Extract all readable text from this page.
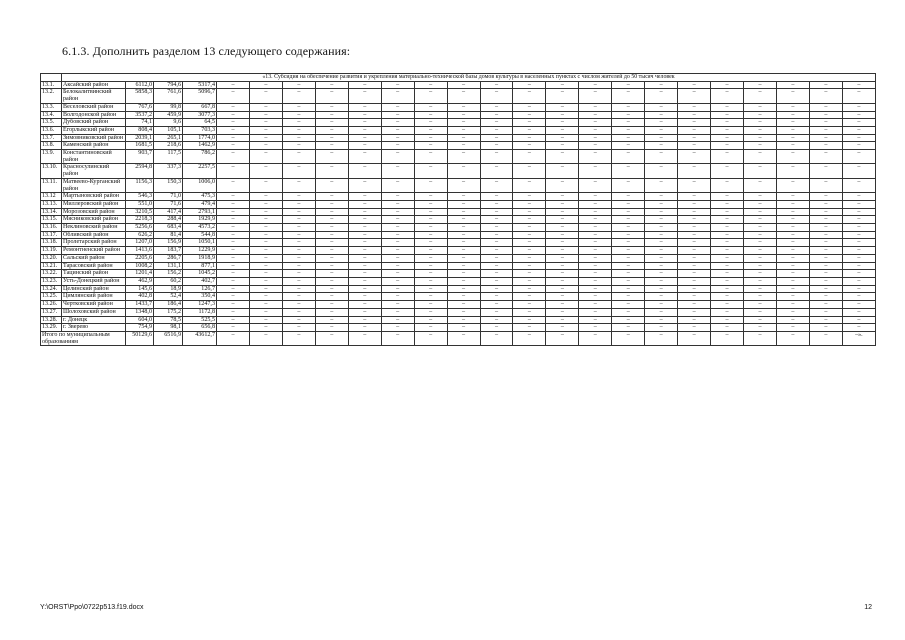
6.1.3. Дополнить разделом 13 следующего содержания:
	«13. Субсидия на обеспечение развития и укрепления материально-технической базы домов культуры в населенных пунктах с числом жителей до 50 тысяч человек																							
13.1.	Аксайский район	6112,0	794,6	5317,4	–	–	–	–	–	–	–	–	–	–	–	–	–	–	–	–	–	–	–	–
13.2.	Белокалитвинский район	5858,3	761,6	5096,7	–	–	–	–	–	–	–	–	–	–	–	–	–	–	–	–	–	–	–	–
13.3.	Веселовский район	767,6	99,8	667,8	–	–	–	–	–	–	–	–	–	–	–	–	–	–	–	–	–	–	–	–
13.4.	Волгодонской район	3537,2	459,9	3077,3	–	–	–	–	–	–	–	–	–	–	–	–	–	–	–	–	–	–	–	–
13.5.	Дубовский район	74,1	9,6	64,5	–	–	–	–	–	–	–	–	–	–	–	–	–	–	–	–	–	–	–	–
13.6.	Егорлыкский район	808,4	105,1	703,3	–	–	–	–	–	–	–	–	–	–	–	–	–	–	–	–	–	–	–	–
13.7.	Зимовниковский район	2039,1	265,1	1774,0	–	–	–	–	–	–	–	–	–	–	–	–	–	–	–	–	–	–	–	–
13.8.	Каменский район	1681,5	218,6	1462,9	–	–	–	–	–	–	–	–	–	–	–	–	–	–	–	–	–	–	–	–
13.9.	Константиновский район	903,7	117,5	786,2	–	–	–	–	–	–	–	–	–	–	–	–	–	–	–	–	–	–	–	–
13.10.	Красносулинский район	2594,8	337,3	2257,5	–	–	–	–	–	–	–	–	–	–	–	–	–	–	–	–	–	–	–	–
13.11.	Матвеево-Курганский район	1156,3	150,3	1006,0	–	–	–	–	–	–	–	–	–	–	–	–	–	–	–	–	–	–	–	–
13.12	Мартыновский район	546,3	71,0	475,3	–	–	–	–	–	–	–	–	–	–	–	–	–	–	–	–	–	–	–	–
13.13.	Миллеровский район	551,0	71,6	479,4	–	–	–	–	–	–	–	–	–	–	–	–	–	–	–	–	–	–	–	–
13.14.	Морозовский район	3210,5	417,4	2793,1	–	–	–	–	–	–	–	–	–	–	–	–	–	–	–	–	–	–	–	–
13.15.	Мясниковский район	2218,3	288,4	1929,9	–	–	–	–	–	–	–	–	–	–	–	–	–	–	–	–	–	–	–	–
13.16.	Неклиновский район	5256,6	683,4	4573,2	–	–	–	–	–	–	–	–	–	–	–	–	–	–	–	–	–	–	–	–
13.17.	Обливский район	626,2	81,4	544,8	–	–	–	–	–	–	–	–	–	–	–	–	–	–	–	–	–	–	–	–
13.18.	Пролетарский район	1207,0	156,9	1050,1	–	–	–	–	–	–	–	–	–	–	–	–	–	–	–	–	–	–	–	–
13.19.	Ремонтненский район	1413,6	183,7	1229,9	–	–	–	–	–	–	–	–	–	–	–	–	–	–	–	–	–	–	–	–
13.20.	Сальский район	2205,6	286,7	1918,9	–	–	–	–	–	–	–	–	–	–	–	–	–	–	–	–	–	–	–	–
13.21.	Тарасовский район	1008,2	131,1	877,1	–	–	–	–	–	–	–	–	–	–	–	–	–	–	–	–	–	–	–	–
13.22.	Тацинский район	1201,4	156,2	1045,2	–	–	–	–	–	–	–	–	–	–	–	–	–	–	–	–	–	–	–	–
13.23.	Усть-Донецкий район	462,9	60,2	402,7	–	–	–	–	–	–	–	–	–	–	–	–	–	–	–	–	–	–	–	–
13.24.	Целинский район	145,6	18,9	126,7	–	–	–	–	–	–	–	–	–	–	–	–	–	–	–	–	–	–	–	–
13.25.	Цимлянский район	402,8	52,4	350,4	–	–	–	–	–	–	–	–	–	–	–	–	–	–	–	–	–	–	–	–
13.26.	Чертковский район	1433,7	186,4	1247,3	–	–	–	–	–	–	–	–	–	–	–	–	–	–	–	–	–	–	–	–
13.27.	Шолоховский район	1348,0	175,2	1172,8	–	–	–	–	–	–	–	–	–	–	–	–	–	–	–	–	–	–	–	–
13.28.	г. Донецк	604,0	78,5	525,5	–	–	–	–	–	–	–	–	–	–	–	–	–	–	–	–	–	–	–	–
13.29.	г. Зверево	754,9	98,1	656,8	–	–	–	–	–	–	–	–	–	–	–	–	–	–	–	–	–	–	–	–
Итого по муниципальным образованиям		50129,6	6516,9	43612,7	–	–	–	–	–	–	–	–	–	–	–	–	–	–	–	–	–	–	–	–».
Y:\ORST\Ppo\0722p513.f19.docx	12
